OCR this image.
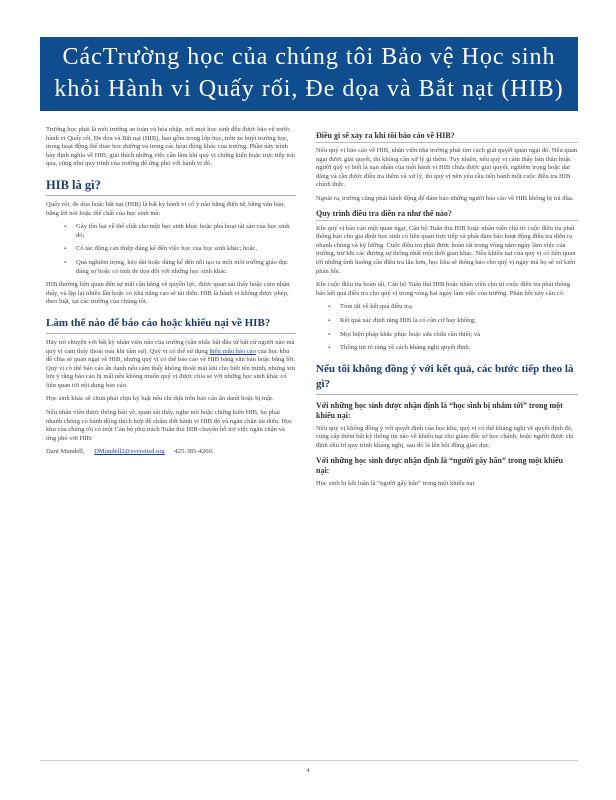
CácTrường học của chúng tôi Bảo vệ Học sinh
khỏi Hành vi Quấy rối, Đe dọa và Bắt nạt (HIB)

Trường học phải là môi trường an toàn và hòa nhập, nơi mọi học sinh đều được bảo vệ trước hành vi Quấy rối, Đe dọa và Bắt nạt (HIB), bao gồm trong lớp học, trên xe buýt trường học, trong hoạt động thể thao học đường và trong các hoạt động khác của trường. Phần này trình bày định nghĩa về HIB, giải thích những việc cần làm khi quý vị chứng kiến hoặc trực tiếp trải qua, cũng như quy trình của trường để ứng phó với hành vi đó.

HIB là gì?

Quấy rối, đe dọa hoặc bắt nạt (HIB) là bất kỳ hành vi cố ý nào bằng điện tử, bằng văn bản, bằng lời nói hoặc thể chất của học sinh mà:

▪ Gây tổn hại về thể chất cho một học sinh khác hoặc phá hoại tài sản của học sinh đó;
▪ Có tác động can thiệp đáng kể đến việc học của học sinh khác; hoặc,
▪ Quá nghiêm trọng, kéo dài hoặc đáng kể đến nỗi tạo ra một môi trường giáo dục đáng sợ hoặc có tính đe dọa đối với những học sinh khác.

HIB thường liên quan đến sự mất cân bằng về quyền lực, được quan sát thấy hoặc cảm nhận thấy, và lặp lại nhiều lần hoặc có khả năng cao sẽ tái diễn. HIB là hành vi không được phép, theo luật, tại các trường của chúng tôi.

Làm thế nào để báo cáo hoặc khiếu nại về HIB?

Hãy trò chuyện với bất kỳ nhân viên nào của trường (cần nhắc bất đầu từ bất cứ người nào mà quý vị cảm thấy thoải mái khi tâm sự). Quý vị có thể sử dụng biểu mẫu báo cáo của học khu để chia sẻ quan ngại về HIB, nhưng quý vị có thể báo cáo về HIB bằng văn bản hoặc bằng lời. Quý vị có thể báo cáo ẩn danh nếu cảm thấy không thoải mái khi cho biết tên mình, nhưng xin lưu ý rằng báo cáo bị mất nếu không muốn quý vị được chia sẻ với những học sinh khác có liên quan tới nội dung báo cáo.

Học sinh khác sẽ chưa phải chịu kỷ luật nếu chỉ dựa trên báo cáo ẩn danh hoặc bị mật.

Nếu nhân viên được thông báo về, quan sát thấy, nghe nói hoặc chứng kiến HIB, họ phải nhanh chóng có hành động thích hợp để chấm dứt hành vi HIB đó và ngăn chặn tái diễn. Học khu của chúng tôi có một Cán bộ phụ trách Tuân thủ HIB chuyên hỗ trợ việc ngăn chặn và ứng phó với HIB:

Dani Mundell, DMundell2@everettsd.org 425-385-4260.

Điều gì sẽ xảy ra khi tôi báo cáo về HIB?

Nếu quý vị báo cáo về HIB, nhân viên nhà trường phải tìm cách giải quyết quan ngại đó. Nếu quan ngại được giải quyết, thì không cần xử lý gì thêm. Tuy nhiên, nếu quý vị cảm thấy bản thân hoặc người quý vị biết là nạn nhân của một hành vi HIB chưa được giải quyết, nghiêm trọng hoặc dai dẳng và cần được điều tra thêm và xử lý, thì quý vị nên yêu cầu tiến hành một cuộc điều tra HIB chính thức.

Ngoài ra, trường cũng phải hành động để đảm bảo những người báo cáo về HIB không bị trả đũa.

Quy trình điều tra diễn ra như thế nào?

Khi quý vị báo cáo một quan ngại, Cán bộ Tuân thủ HIB hoặc nhân viên chủ trì cuộc điều tra phải thông báo cho gia đình học sinh có liên quan trực tiếp và phải đảm bảo hoạt động điều tra diễn ra nhanh chóng và kỹ lưỡng. Cuộc điều tra phải được hoàn tất trong vòng năm ngày làm việc của trường, trừ khi các đương sự thống nhất một thời gian khác. Nếu khiếu nại của quý vị có liên quan tới những tình huống cần điều tra lâu hơn, học khu sẽ thông báo cho quý vị ngày mà họ sẽ xử kiến phán hồi.

Khi cuộc điều tra hoàn tất, Cán bộ Tuân thủ HIB hoặc nhân viên chủ trì cuộc điều tra phải thông báo kết quả điều tra cho quý vị trong vòng hai ngày làm việc của trường. Phản hồi này cần có:

▪ Tóm tắt về kết quả điều tra;
▪ Kết quả xác định rằng HIB là có cần cứ hay không;
▪ Mọi biện pháp khắc phục hoặc sửa chữa cần thiết; và
▪ Thông tin rõ ràng về cách kháng nghị quyết định.
Nếu tôi không đồng ý với kết quả, các bước tiếp theo là gì?
Với những học sinh được nhận định là “học sinh bị nhắm tới” trong một khiếu nại:

Nếu quý vị không đồng ý với quyết định của học khu, quý vị có thể kháng nghị về quyết định đó, cung cấp thêm bất kỳ thông tin nào về khiếu nại cho giám đốc sở học chánh, hoặc người được chỉ định chủ trì quy trình kháng nghị, sau đó là lên hội đồng giáo dục.

Với những học sinh được nhận định là “người gây hấn” trong một khiếu nại:

Học sinh bị kết luận là “người gây hấn” trong một khiếu nại

4
